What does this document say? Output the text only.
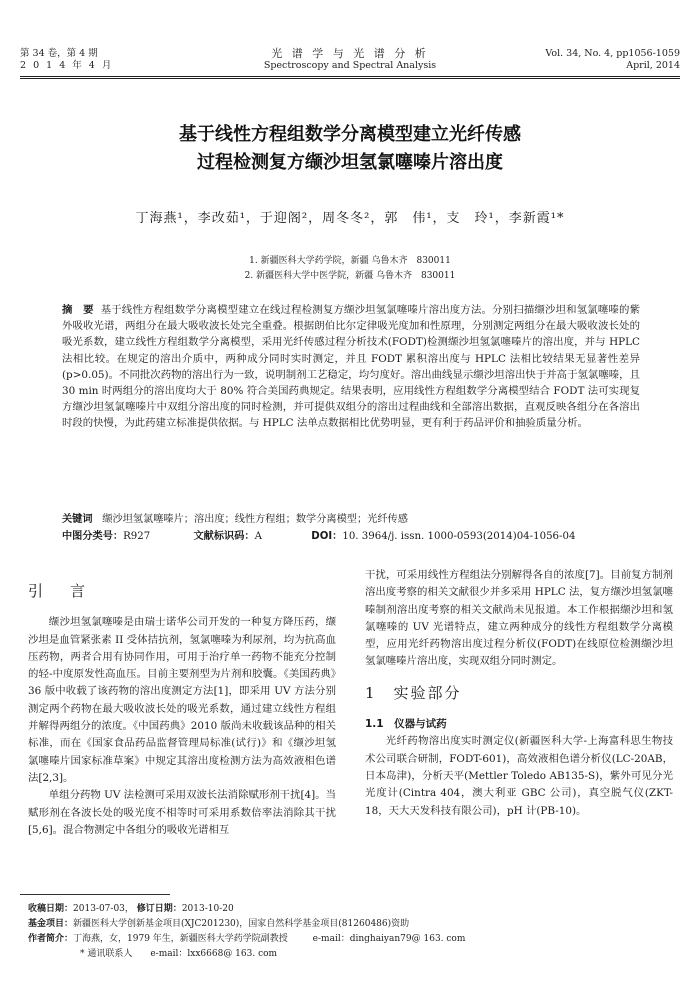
第 34 卷，第 4 期
2 0 1 4 年 4 月
光 谱 学 与 光 谱 分 析
Spectroscopy and Spectral Analysis
Vol. 34, No. 4, pp1056-1059
April, 2014
基于线性方程组数学分离模型建立光纤传感
过程检测复方缬沙坦氢氯噻嗪片溶出度
丁海燕¹，李改茹¹，于迎阁²，周冬冬²，郭　伟¹，支　玲¹，李新霞¹*
1. 新疆医科大学药学院，新疆 乌鲁木齐　830011
2. 新疆医科大学中医学院，新疆 乌鲁木齐　830011
摘　要 基于线性方程组数学分离模型建立在线过程检测复方缬沙坦氢氯噻嗪片溶出度方法。分别扫描缬沙坦和氢氯噻嗪的紫外吸收光谱，两组分在最大吸收波长处完全重叠。根据朗伯比尔定律吸光度加和性原理，分别测定两组分在最大吸收波长处的吸光系数，建立线性方程组数学分离模型，采用光纤传感过程分析技术(FODT)检测缬沙坦氢氯噻嗪片的溶出度，并与 HPLC 法相比较。在规定的溶出介质中，两种成分同时实时测定，并且 FODT 累积溶出度与 HPLC 法相比较结果无显著性差异(p>0.05)。不同批次药物的溶出行为一致，说明制剂工艺稳定，均匀度好。溶出曲线显示缬沙坦溶出快于并高于氢氯噻嗪，且 30 min 时两组分的溶出度均大于 80% 符合美国药典规定。结果表明，应用线性方程组数学分离模型结合 FODT 法可实现复方缬沙坦氢氯噻嗪片中双组分溶出度的同时检测，并可提供双组分的溶出过程曲线和全部溶出数据，直观反映各组分在各溶出时段的快慢，为此药建立标准提供依据。与 HPLC 法单点数据相比优势明显，更有利于药品评价和抽验质量分析。
关键词 缬沙坦氢氯噻嗪片；溶出度；线性方程组；数学分离模型；光纤传感
中图分类号：R927	文献标识码：A	DOI：10. 3964/j. issn. 1000-0593(2014)04-1056-04
引　言

缬沙坦氢氯噻嗪是由瑞士诺华公司开发的一种复方降压药，缬沙坦是血管紧张素 II 受体拮抗剂，氢氯噻嗪为利尿剂，均为抗高血压药物，两者合用有协同作用，可用于治疗单一药物不能充分控制的轻-中度原发性高血压。目前主要剂型为片剂和胶囊。《美国药典》36 版中收载了该药物的溶出度测定方法[1]，即采用 UV 方法分别测定两个药物在最大吸收波长处的吸光系数，通过建立线性方程组并解得两组分的浓度。《中国药典》2010 版尚未收载该品种的相关标准，而在《国家食品药品监督管理局标准(试行)》和《缬沙坦氢氯噻嗪片国家标准草案》中规定其溶出度检测方法为高效液相色谱法[2,3]。

单组分药物 UV 法检测可采用双波长法消除赋形剂干扰[4]。当赋形剂在各波长处的吸光度不相等时可采用系数倍率法消除其干扰[5,6]。混合物测定中各组分的吸收光谱相互

干扰，可采用线性方程组法分别解得各自的浓度[7]。目前复方制剂溶出度考察的相关文献很少并多采用 HPLC 法，复方缬沙坦氢氯噻嗪制剂溶出度考察的相关文献尚未见报道。本工作根据缬沙坦和氢氯噻嗪的 UV 光谱特点，建立两种成分的线性方程组数学分离模型，应用光纤药物溶出度过程分析仪(FODT)在线原位检测缬沙坦氢氯噻嗪片溶出度，实现双组分同时测定。

1　实验部分
1.1　仪器与试药

光纤药物溶出度实时测定仪(新疆医科大学-上海富科思生物技术公司联合研制，FODT-601)，高效液相色谱分析仪(LC-20AB，日本岛津)，分析天平(Mettler Toledo AB135-S)，紫外可见分光光度计(Cintra 404，澳大利亚 GBC 公司)，真空脱气仪(ZKT-18，天大天发科技有限公司)，pH 计(PB-10)。

收稿日期：2013-07-03， 修订日期：2013-10-20
基金项目：新疆医科大学创新基金项目(XJC201230)，国家自然科学基金项目(81260486)资助
作者简介：丁海燕，女，1979 年生，新疆医科大学药学院副教授	e-mail：dinghaiyan79@ 163. com
* 通讯联系人　　e-mail：lxx6668@ 163. com
